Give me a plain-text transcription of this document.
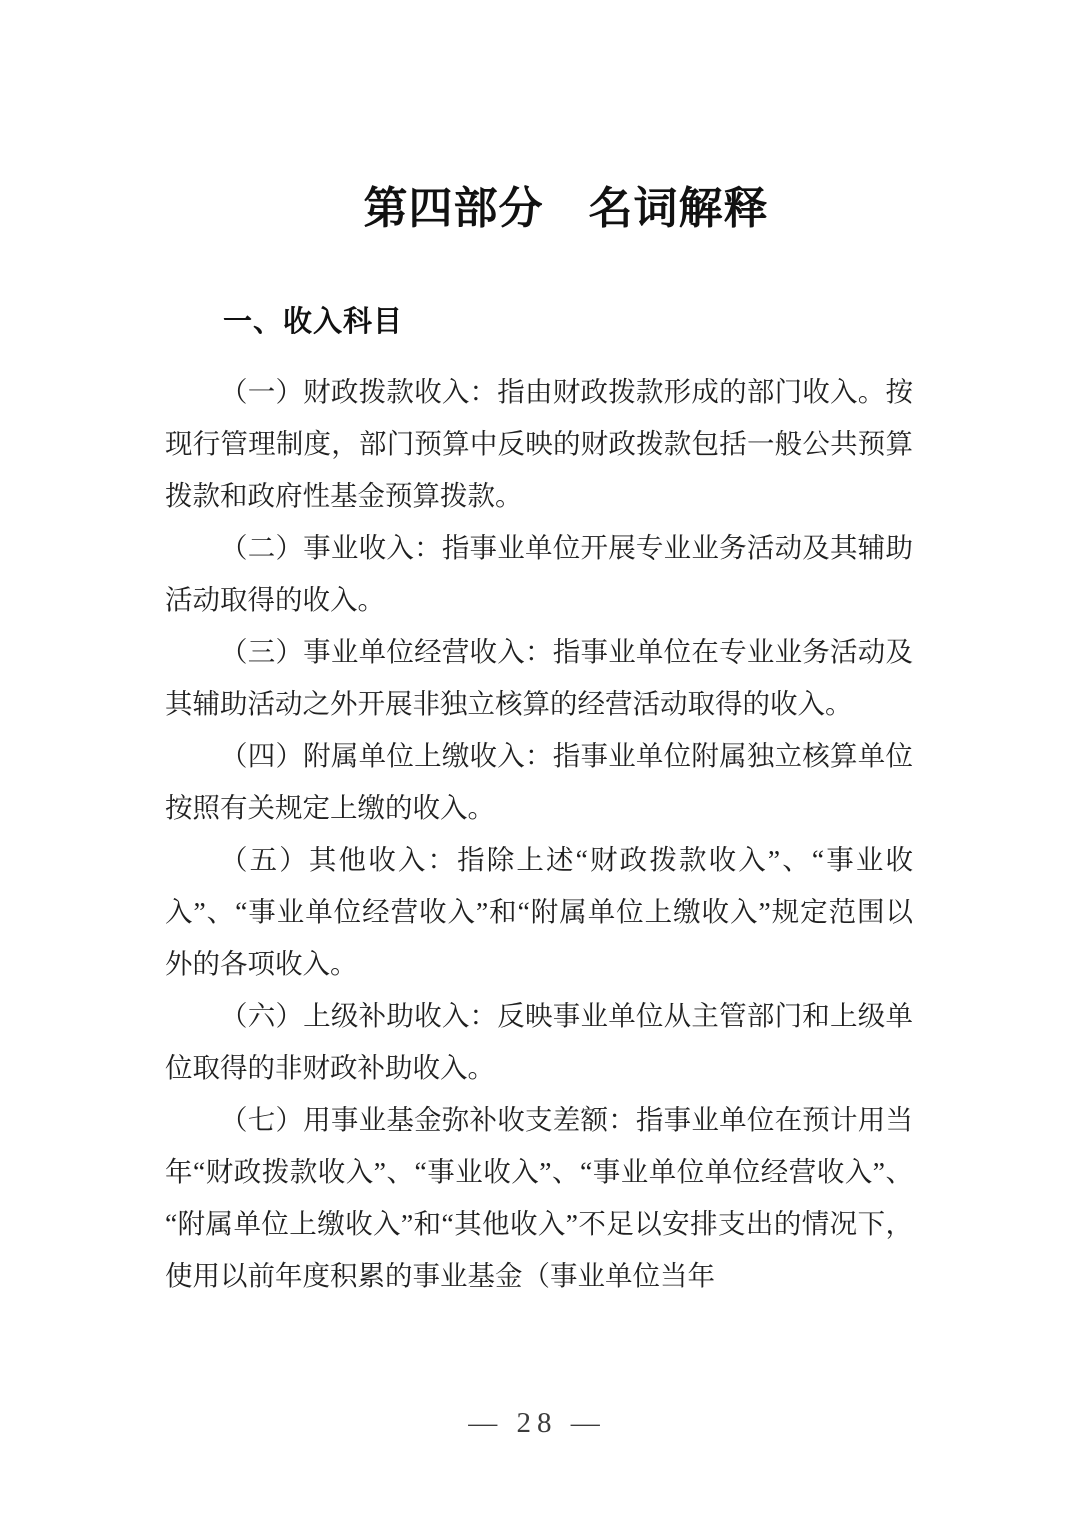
第四部分　名词解释
一、收入科目

（一）财政拨款收入：指由财政拨款形成的部门收入。按现行管理制度，部门预算中反映的财政拨款包括一般公共预算拨款和政府性基金预算拨款。

（二）事业收入：指事业单位开展专业业务活动及其辅助活动取得的收入。

（三）事业单位经营收入：指事业单位在专业业务活动及其辅助活动之外开展非独立核算的经营活动取得的收入。

（四）附属单位上缴收入：指事业单位附属独立核算单位按照有关规定上缴的收入。

（五）其他收入：指除上述“财政拨款收入”、“事业收入”、“事业单位经营收入”和“附属单位上缴收入”规定范围以外的各项收入。

（六）上级补助收入：反映事业单位从主管部门和上级单位取得的非财政补助收入。

（七）用事业基金弥补收支差额：指事业单位在预计用当年“财政拨款收入”、“事业收入”、“事业单位单位经营收入”、“附属单位上缴收入”和“其他收入”不足以安排支出的情况下，使用以前年度积累的事业基金（事业单位当年

— 28 —
